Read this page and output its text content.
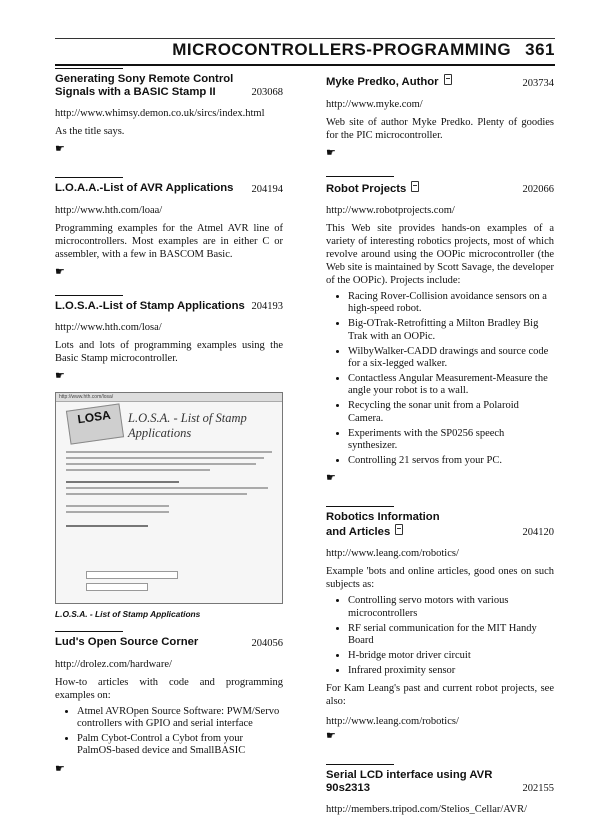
MICROCONTROLLERS-PROGRAMMING 361
Generating Sony Remote Control Signals with a BASIC Stamp II	203068
http://www.whimsy.demon.co.uk/sircs/index.html
As the title says.
☛
L.O.A.A.-List of AVR Applications	204194
http://www.hth.com/loaa/
Programming examples for the Atmel AVR line of microcontrollers. Most examples are in either C or assembler, with a few in BASCOM Basic.
☛
L.O.S.A.-List of Stamp Applications 204193
http://www.hth.com/losa/
Lots and lots of programming examples using the Basic Stamp microcontroller.
☛
http://www.hth.com/losa/
LOSA	L.O.S.A. - List of Stamp Applications
L.O.S.A. - List of Stamp Applications
Lud's Open Source Corner	204056
http://drolez.com/hardware/
How-to articles with code and programming examples on:
• Atmel AVROpen Source Software: PWM/Servo controllers with GPIO and serial interface
• Palm Cybot-Control a Cybot from your PalmOS-based device and SmallBASIC
☛
Myke Predko, Author	203734
http://www.myke.com/
Web site of author Myke Predko. Plenty of goodies for the PIC microcontroller.
☛
Robot Projects	202066
http://www.robotprojects.com/
This Web site provides hands-on examples of a variety of interesting robotics projects, most of which revolve around using the OOPic microcontroller (the Web site is maintained by Scott Savage, the developer of the OOPic). Projects include:
• Racing Rover-Collision avoidance sensors on a high-speed robot.
• Big-OTrak-Retrofitting a Milton Bradley Big Trak with an OOPic.
• WilbyWalker-CADD drawings and source code for a six-legged walker.
• Contactless Angular Measurement-Measure the angle your robot is to a wall.
• Recycling the sonar unit from a Polaroid Camera.
• Experiments with the SP0256 speech synthesizer.
• Controlling 21 servos from your PC.
☛
Robotics Information and Articles	204120
http://www.leang.com/robotics/
Example 'bots and online articles, good ones on such subjects as:
• Controlling servo motors with various microcontrollers
• RF serial communication for the MIT Handy Board
• H-bridge motor driver circuit
• Infrared proximity sensor
For Kam Leang's past and current robot projects, see also:
http://www.leang.com/robotics/
☛
Serial LCD interface using AVR 90s2313	202155
http://members.tripod.com/Stelios_Cellar/AVR/
